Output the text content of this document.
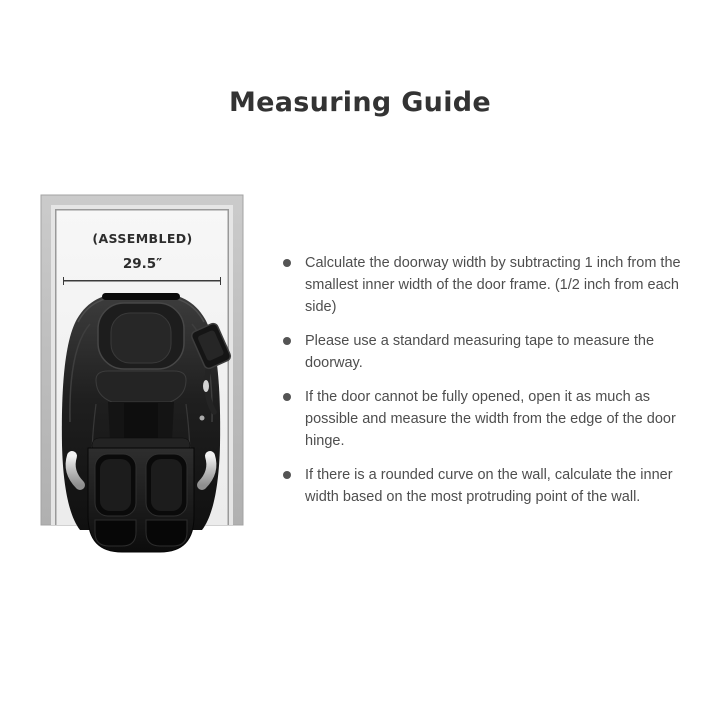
Measuring Guide
(ASSEMBLED)
29.5″	Calculate the doorway width by subtracting 1 inch from the smallest inner width of the door frame. (1/2 inch from each side)

Please use a standard measuring tape to measure the doorway.

If the door cannot be fully opened, open it as much as possible and measure the width from the edge of the door hinge.

If there is a rounded curve on the wall, calculate the inner width based on the most protruding point of the wall.
